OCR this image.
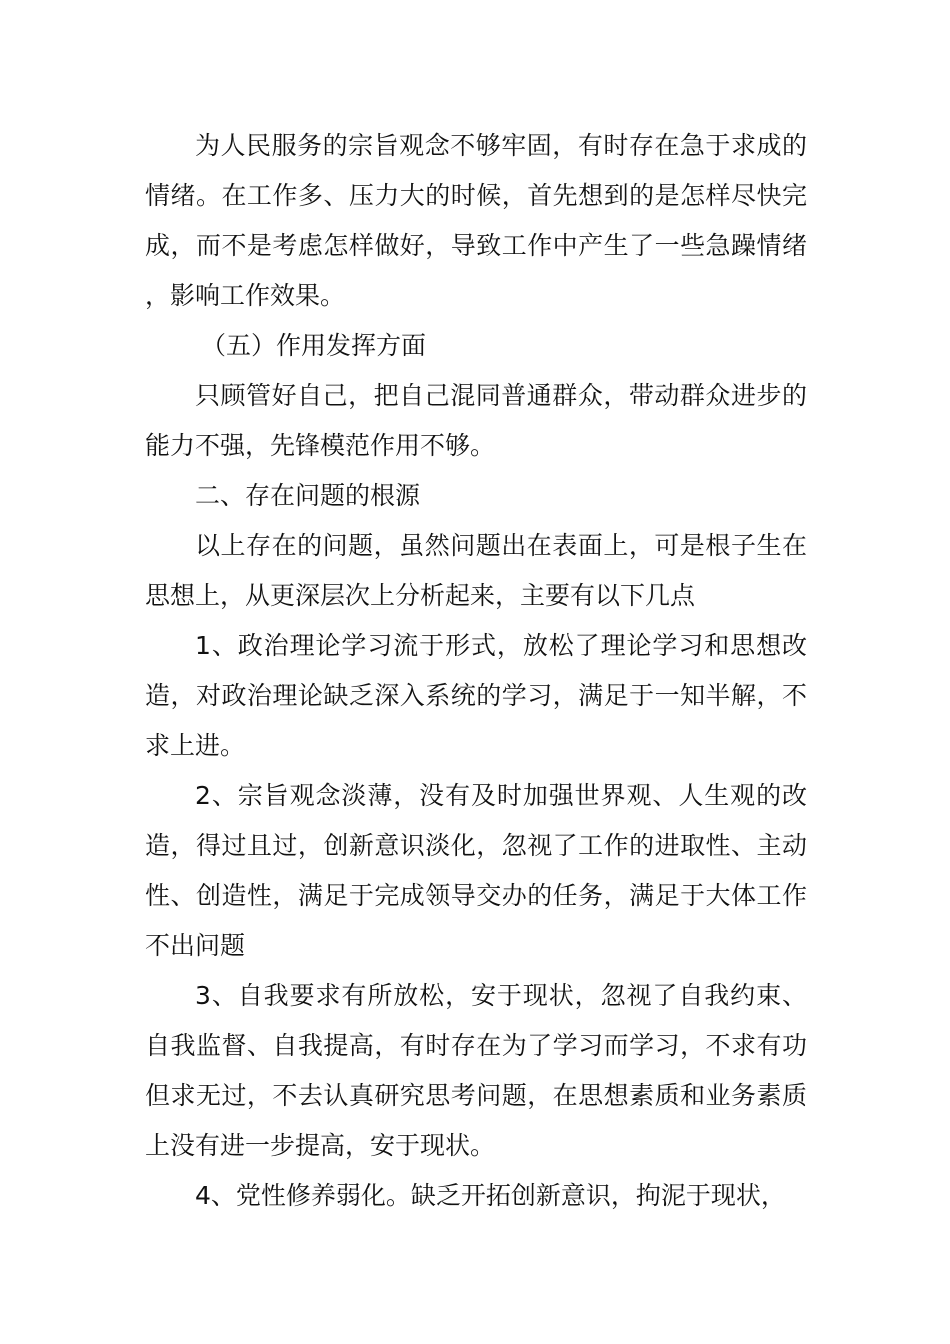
为人民服务的宗旨观念不够牢固，有时存在急于求成的情绪。在工作多、压力大的时候，首先想到的是怎样尽快完成，而不是考虑怎样做好，导致工作中产生了一些急躁情绪，影响工作效果。

（五）作用发挥方面

只顾管好自己，把自己混同普通群众，带动群众进步的能力不强，先锋模范作用不够。

二、存在问题的根源

以上存在的问题，虽然问题出在表面上，可是根子生在思想上，从更深层次上分析起来，主要有以下几点

1、政治理论学习流于形式，放松了理论学习和思想改造，对政治理论缺乏深入系统的学习，满足于一知半解，不求上进。

2、宗旨观念淡薄，没有及时加强世界观、人生观的改造，得过且过，创新意识淡化，忽视了工作的进取性、主动性、创造性，满足于完成领导交办的任务，满足于大体工作不出问题

3、自我要求有所放松，安于现状，忽视了自我约束、自我监督、自我提高，有时存在为了学习而学习，不求有功但求无过，不去认真研究思考问题，在思想素质和业务素质上没有进一步提高，安于现状。

4、党性修养弱化。缺乏开拓创新意识，拘泥于现状，
